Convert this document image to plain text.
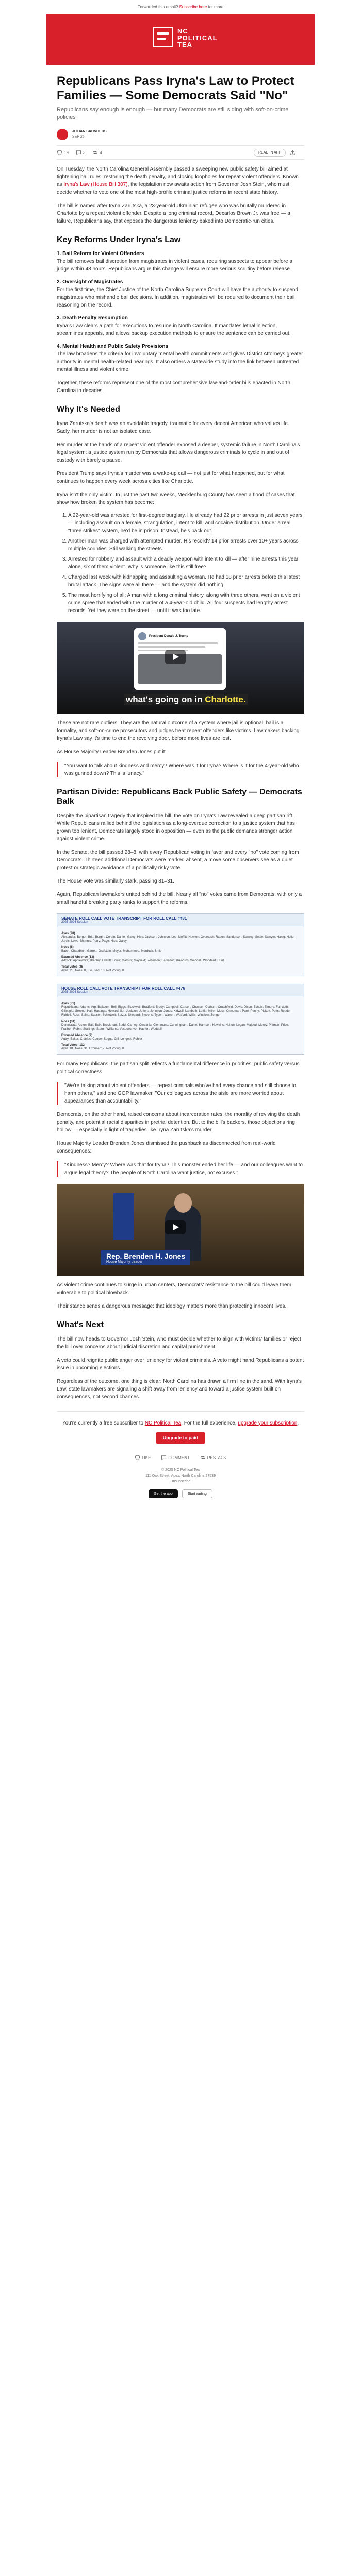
Forwarded this email? Subscribe here for more
NC POLITICAL TEA
Republicans Pass Iryna's Law to Protect Families — Some Democrats Said "No"
Republicans say enough is enough — but many Democrats are still siding with soft-on-crime policies
JULIAN SAUNDERS
SEP 25
19	3	4	READ IN APP

On Tuesday, the North Carolina General Assembly passed a sweeping new public safety bill aimed at tightening bail rules, restoring the death penalty, and closing loopholes for repeat violent offenders. Known as Iryna's Law (House Bill 307), the legislation now awaits action from Governor Josh Stein, who must decide whether to veto one of the most high-profile criminal justice reforms in recent state history.

The bill is named after Iryna Zarutska, a 23-year-old Ukrainian refugee who was brutally murdered in Charlotte by a repeat violent offender. Despite a long criminal record, Decarlos Brown Jr. was free — a failure, Republicans say, that exposes the dangerous leniency baked into Democratic-run cities.

Key Reforms Under Iryna's Law
1. Bail Reform for Violent Offenders

The bill removes bail discretion from magistrates in violent cases, requiring suspects to appear before a judge within 48 hours. Republicans argue this change will ensure more serious scrutiny before release.

2. Oversight of Magistrates

For the first time, the Chief Justice of the North Carolina Supreme Court will have the authority to suspend magistrates who mishandle bail decisions. In addition, magistrates will be required to document their bail reasoning on the record.

3. Death Penalty Resumption

Iryna's Law clears a path for executions to resume in North Carolina. It mandates lethal injection, streamlines appeals, and allows backup execution methods to ensure the sentence can be carried out.

4. Mental Health and Public Safety Provisions

The law broadens the criteria for involuntary mental health commitments and gives District Attorneys greater authority in mental health-related hearings. It also orders a statewide study into the link between untreated mental illness and violent crime.

Together, these reforms represent one of the most comprehensive law-and-order bills enacted in North Carolina in decades.

Why It's Needed

Iryna Zarutska's death was an avoidable tragedy, traumatic for every decent American who values life. Sadly, her murder is not an isolated case.

Her murder at the hands of a repeat violent offender exposed a deeper, systemic failure in North Carolina's legal system: a justice system run by Democrats that allows dangerous criminals to cycle in and out of custody with barely a pause.

President Trump says Iryna's murder was a wake-up call — not just for what happened, but for what continues to happen every week across cities like Charlotte.

Iryna isn't the only victim. In just the past two weeks, Mecklenburg County has seen a flood of cases that show how broken the system has become:

1. A 22-year-old was arrested for first-degree burglary. He already had 22 prior arrests in just seven years — including assault on a female, strangulation, intent to kill, and cocaine distribution. Under a real "three strikes" system, he'd be in prison. Instead, he's back out.
2. Another man was charged with attempted murder. His record? 14 prior arrests over 10+ years across multiple counties. Still walking the streets.
3. Arrested for robbery and assault with a deadly weapon with intent to kill — after nine arrests this year alone, six of them violent. Why is someone like this still free?
4. Charged last week with kidnapping and assaulting a woman. He had 18 prior arrests before this latest brutal attack. The signs were all there — and the system did nothing.
5. The most horrifying of all: A man with a long criminal history, along with three others, went on a violent crime spree that ended with the murder of a 4-year-old child. All four suspects had lengthy arrest records. Yet they were on the street — until it was too late.
President Donald J. Trump
what's going on in Charlotte.

These are not rare outliers. They are the natural outcome of a system where jail is optional, bail is a formality, and soft-on-crime prosecutors and judges treat repeat offenders like victims. Lawmakers backing Iryna's Law say it's time to end the revolving door, before more lives are lost.

As House Majority Leader Brenden Jones put it:

"You want to talk about kindness and mercy? Where was it for Iryna? Where is it for the 4-year-old who was gunned down? This is lunacy."

Partisan Divide: Republicans Back Public Safety — Democrats Balk

Despite the bipartisan tragedy that inspired the bill, the vote on Iryna's Law revealed a deep partisan rift. While Republicans rallied behind the legislation as a long-overdue correction to a justice system that has grown too lenient, Democrats largely stood in opposition — even as the public demands stronger action against violent crime.

In the Senate, the bill passed 28–8, with every Republican voting in favor and every "no" vote coming from Democrats. Thirteen additional Democrats were marked absent, a move some observers see as a quiet protest or strategic avoidance of a politically risky vote.

The House vote was similarly stark, passing 81–31.

Again, Republican lawmakers united behind the bill. Nearly all "no" votes came from Democrats, with only a small handful breaking party ranks to support the reforms.

SENATE ROLL CALL VOTE TRANSCRIPT FOR ROLL CALL #481
2025-2026 Session
Ayes (28)
Alexander; Berger; Britt; Burgin; Corbin; Daniel; Galey; Hise; Jackson; Johnson; Lee; Moffitt; Newton; Overcash; Rabon; Sanderson; Sawrey; Settle; Sawyer; Hanig; Hollo; Jarvis; Lowe; McInnis; Perry; Page; Hise; Galey
Noes (8)
Batch; Chaudhuri; Garrett; Grafstein; Meyer; Mohammed; Murdock; Smith
Excused Absence (13)
Adcock; Applewhite; Bradley; Everitt; Lowe; Marcus; Mayfield; Robinson; Salvador; Theodros; Waddell; Woodard; Hunt
Total Votes: 36
Ayes: 28, Noes: 8, Excused: 13, Not Voting: 0
HOUSE ROLL CALL VOTE TRANSCRIPT FOR ROLL CALL #476
2025-2026 Session
Ayes (81)
Republicans: Adams; Arp; Balkcom; Bell; Biggs; Blackwell; Bradford; Brody; Campbell; Carson; Chesser; Cotham; Crutchfield; Davis; Dixon; Echols; Elmore; Faircloth; Gillespie; Greene; Hall; Hastings; Howard; Iler; Jackson; Jeffers; Johnson; Jones; Kidwell; Lambeth; Loftis; Miller; Moss; Onwumah; Paré; Penny; Pickett; Potts; Reeder; Riddell; Ross; Saine; Sasser; Schietzelt; Setzer; Shepard; Stevens; Tyson; Warren; Watford; Willis; Winslow; Zenger
Noes (31)
Democrats: Alston; Ball; Belk; Brockman; Budd; Carney; Cervania; Clemmons; Cunningham; Dahle; Harrison; Hawkins; Helton; Logan; Majeed; Morey; Pittman; Price; Prather; Rubin; Stallings; Staton-Williams; Vasquez; von Haefen; Waddell
Excused Absence (7)
Autry; Baker; Charles; Cooper-Suggs; Gill; Longest; Rohler
Total Votes: 112
Ayes: 81, Noes: 31, Excused: 7, Not Voting: 0

For many Republicans, the partisan split reflects a fundamental difference in priorities: public safety versus political correctness.

"We're talking about violent offenders — repeat criminals who've had every chance and still choose to harm others," said one GOP lawmaker. "Our colleagues across the aisle are more worried about appearances than accountability."

Democrats, on the other hand, raised concerns about incarceration rates, the morality of reviving the death penalty, and potential racial disparities in pretrial detention. But to the bill's backers, those objections ring hollow — especially in light of tragedies like Iryna Zarutska's murder.

House Majority Leader Brenden Jones dismissed the pushback as disconnected from real-world consequences:

"Kindness? Mercy? Where was that for Iryna? This monster ended her life — and our colleagues want to argue legal theory? The people of North Carolina want justice, not excuses."

Rep. Brenden H. Jones
House Majority Leader

As violent crime continues to surge in urban centers, Democrats' resistance to the bill could leave them vulnerable to political blowback.

Their stance sends a dangerous message: that ideology matters more than protecting innocent lives.

What's Next

The bill now heads to Governor Josh Stein, who must decide whether to align with victims' families or reject the bill over concerns about judicial discretion and capital punishment.

A veto could reignite public anger over leniency for violent criminals. A veto might hand Republicans a potent issue in upcoming elections.

Regardless of the outcome, one thing is clear: North Carolina has drawn a firm line in the sand. With Iryna's Law, state lawmakers are signaling a shift away from leniency and toward a justice system built on consequences, not second chances.

You're currently a free subscriber to NC Political Tea. For the full experience, upgrade your subscription.
Upgrade to paid
LIKE	COMMENT	RESTACK
© 2025 NC Political Tea
111 Oak Street, Apex, North Carolina 27539
Unsubscribe
Get the app	Start writing
